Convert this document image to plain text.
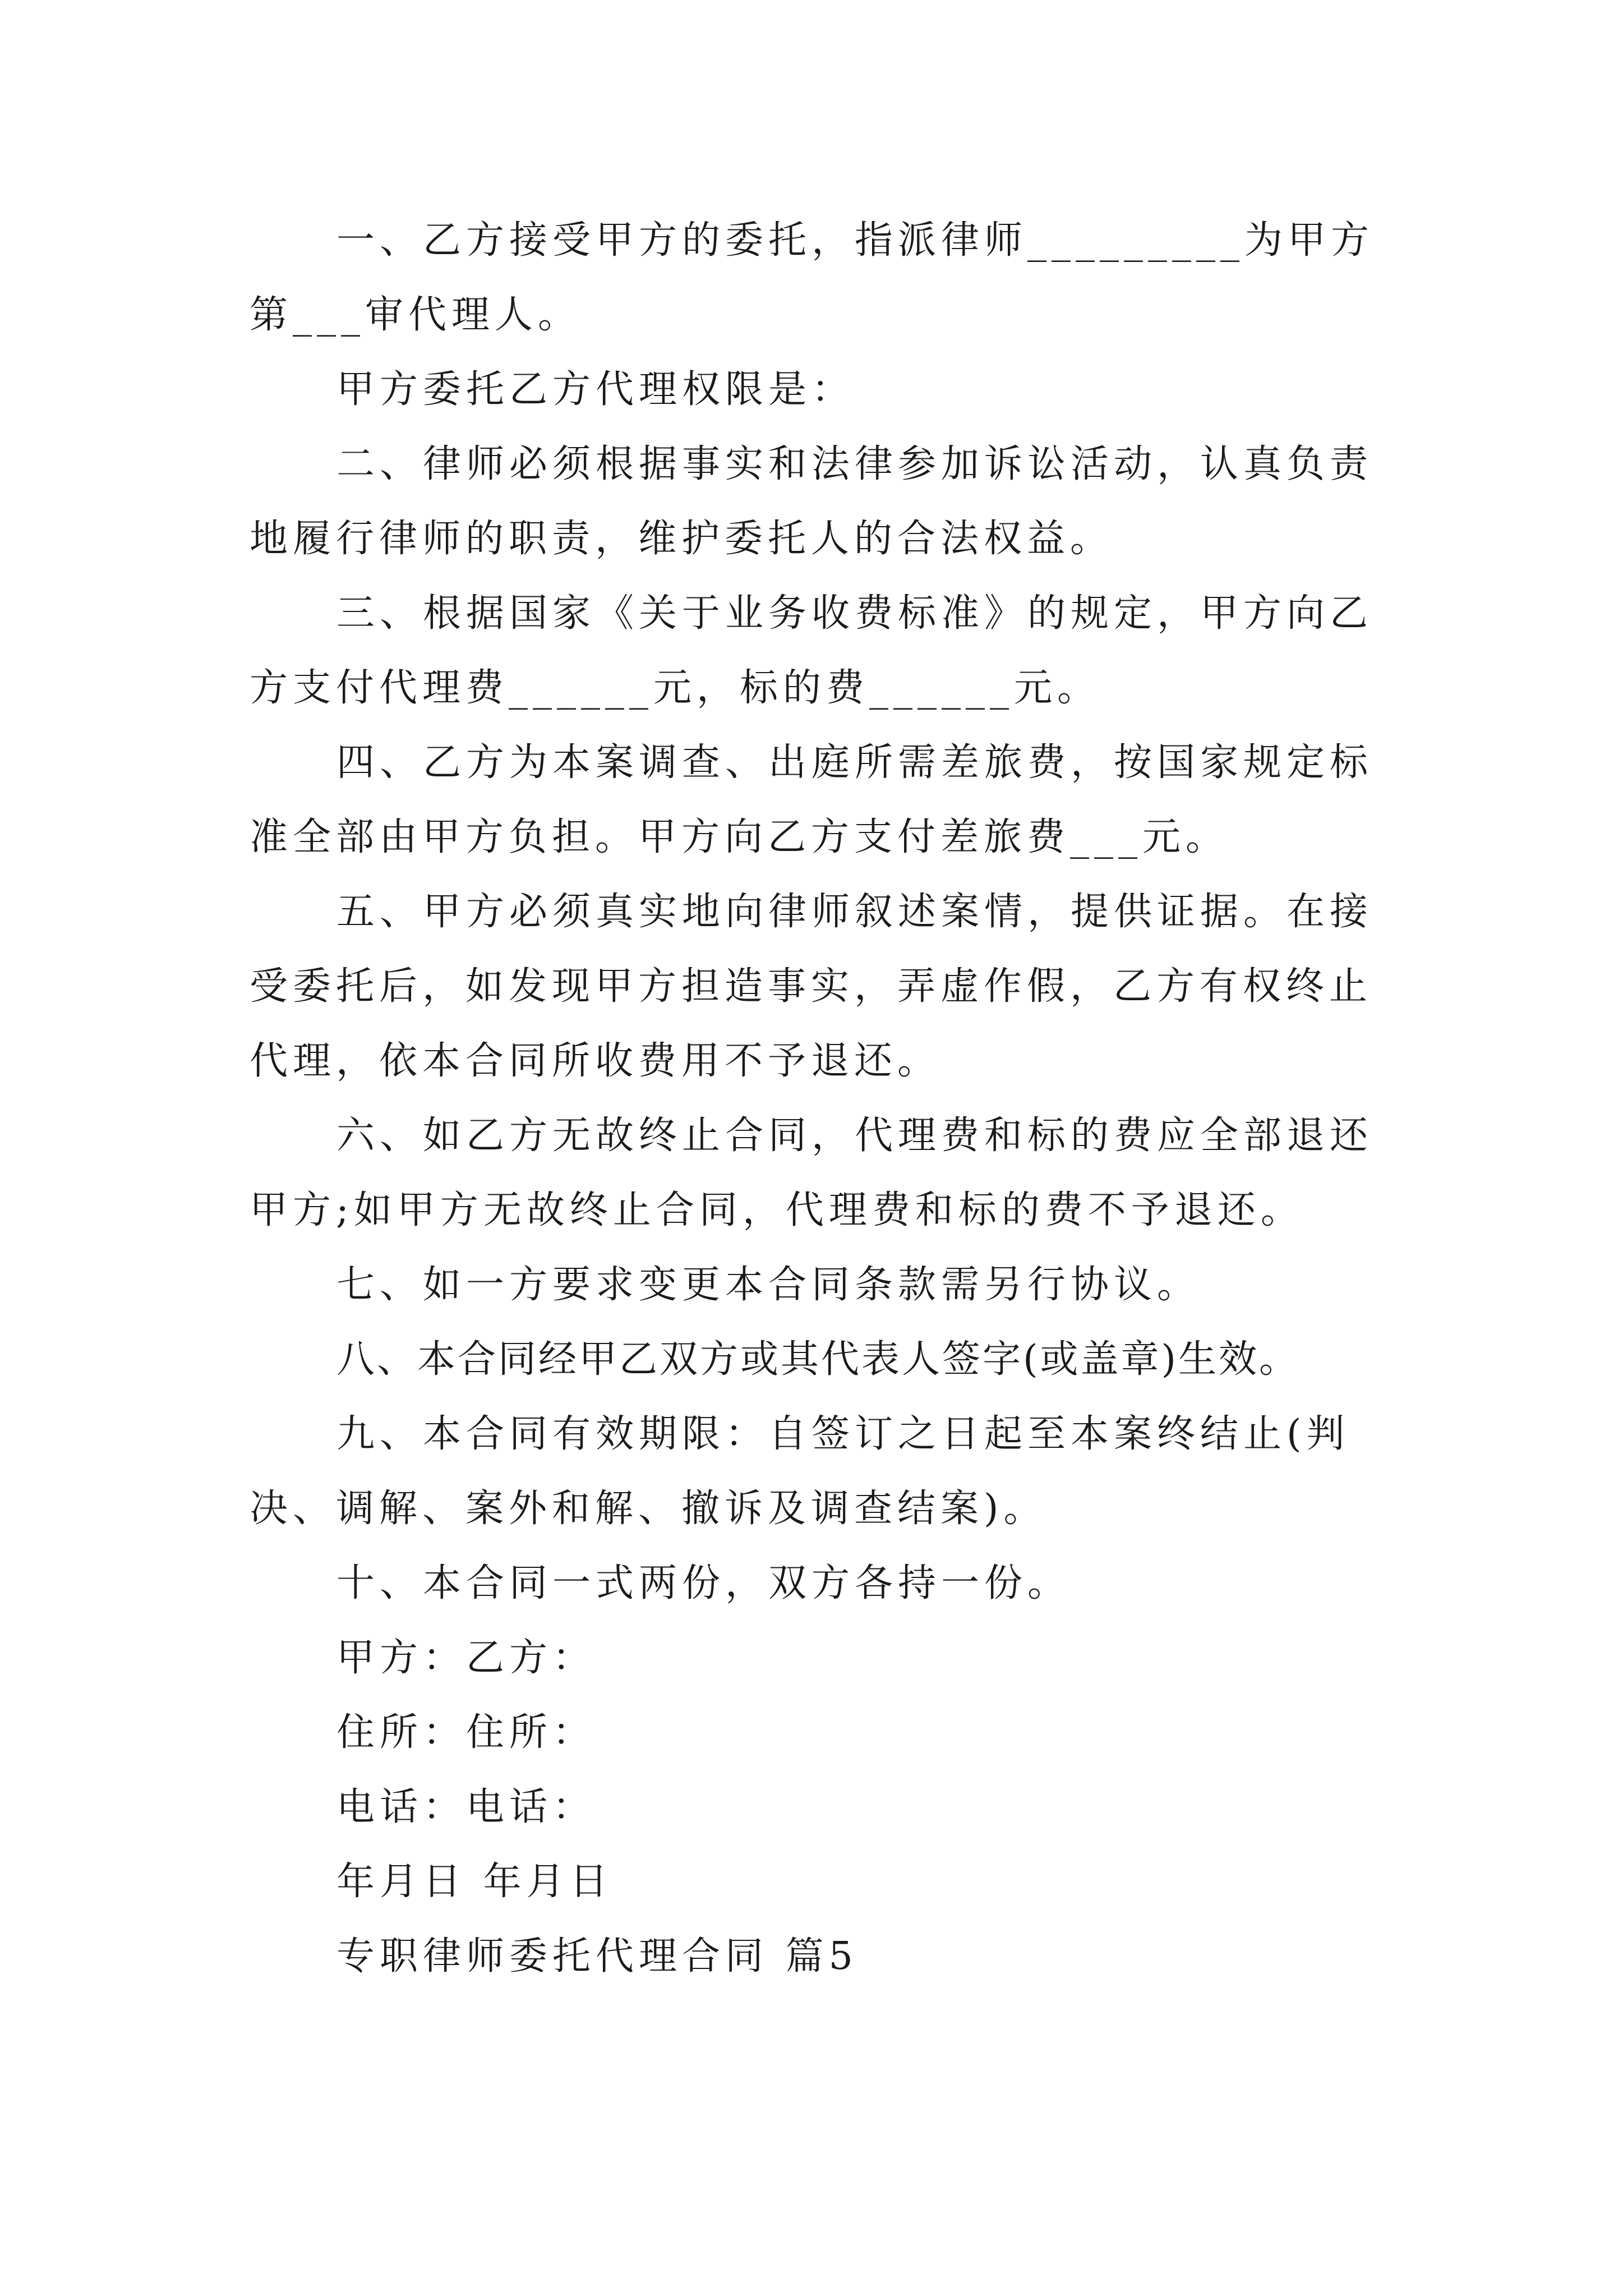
一、乙方接受甲方的委托，指派律师_________为甲方第___审代理人。

甲方委托乙方代理权限是：

二、律师必须根据事实和法律参加诉讼活动，认真负责地履行律师的职责，维护委托人的合法权益。

三、根据国家《关于业务收费标准》的规定，甲方向乙方支付代理费______元，标的费______元。

四、乙方为本案调查、出庭所需差旅费，按国家规定标准全部由甲方负担。甲方向乙方支付差旅费___元。

五、甲方必须真实地向律师叙述案情，提供证据。在接受委托后，如发现甲方担造事实，弄虚作假，乙方有权终止代理，依本合同所收费用不予退还。

六、如乙方无故终止合同，代理费和标的费应全部退还甲方;如甲方无故终止合同，代理费和标的费不予退还。

七、如一方要求变更本合同条款需另行协议。

八、本合同经甲乙双方或其代表人签字(或盖章)生效。

九、本合同有效期限：自签订之日起至本案终结止(判决、调解、案外和解、撤诉及调查结案)。

十、本合同一式两份，双方各持一份。

甲方：乙方：

住所：住所：

电话：电话：

年月日 年月日

专职律师委托代理合同 篇5
